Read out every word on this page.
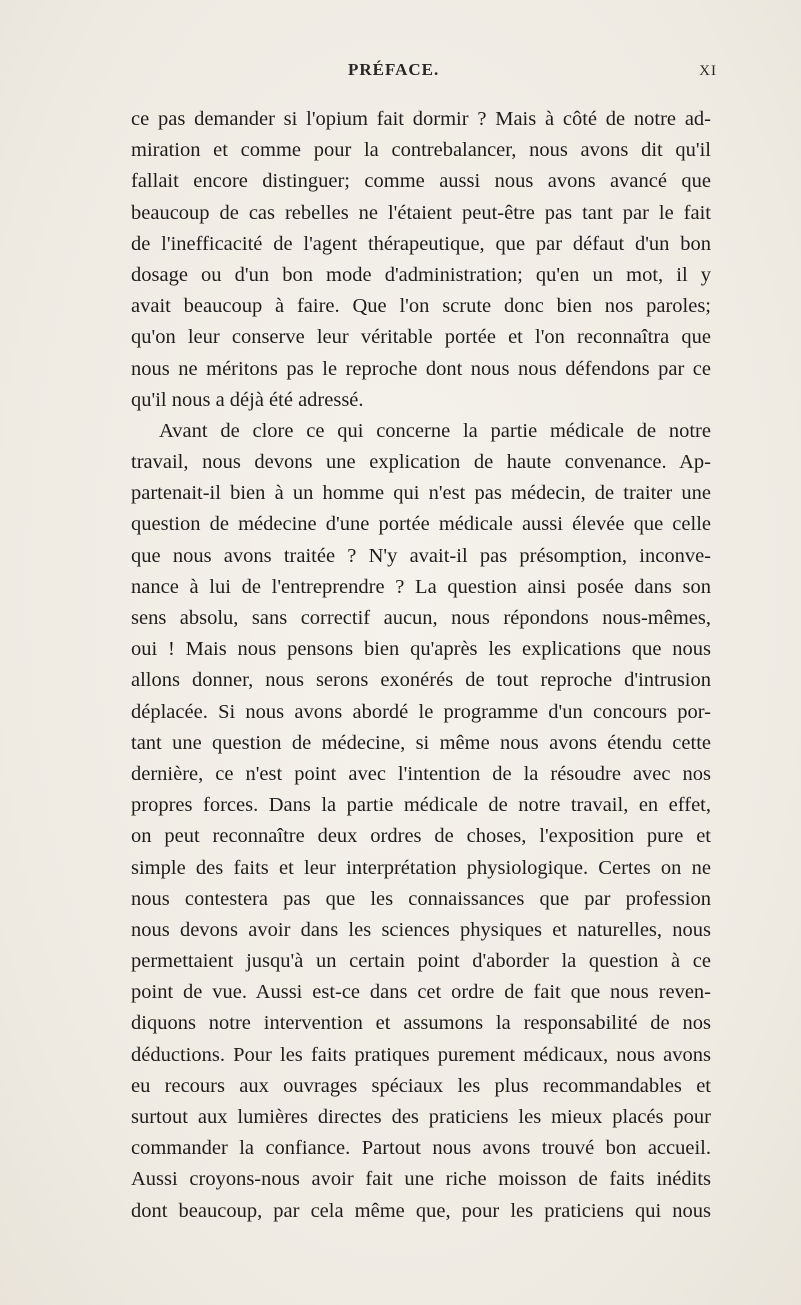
PRÉFACE.	XI
ce pas demander si l'opium fait dormir ? Mais à côté de notre ad-
miration et comme pour la contrebalancer, nous avons dit qu'il
fallait encore distinguer; comme aussi nous avons avancé que
beaucoup de cas rebelles ne l'étaient peut-être pas tant par le fait
de l'inefficacité de l'agent thérapeutique, que par défaut d'un bon
dosage ou d'un bon mode d'administration; qu'en un mot, il y
avait beaucoup à faire. Que l'on scrute donc bien nos paroles;
qu'on leur conserve leur véritable portée et l'on reconnaîtra que
nous ne méritons pas le reproche dont nous nous défendons par ce
qu'il nous a déjà été adressé.
Avant de clore ce qui concerne la partie médicale de notre
travail, nous devons une explication de haute convenance. Ap-
partenait-il bien à un homme qui n'est pas médecin, de traiter une
question de médecine d'une portée médicale aussi élevée que celle
que nous avons traitée ? N'y avait-il pas présomption, inconve-
nance à lui de l'entreprendre ? La question ainsi posée dans son
sens absolu, sans correctif aucun, nous répondons nous-mêmes,
oui ! Mais nous pensons bien qu'après les explications que nous
allons donner, nous serons exonérés de tout reproche d'intrusion
déplacée. Si nous avons abordé le programme d'un concours por-
tant une question de médecine, si même nous avons étendu cette
dernière, ce n'est point avec l'intention de la résoudre avec nos
propres forces. Dans la partie médicale de notre travail, en effet,
on peut reconnaître deux ordres de choses, l'exposition pure et
simple des faits et leur interprétation physiologique. Certes on ne
nous contestera pas que les connaissances que par profession
nous devons avoir dans les sciences physiques et naturelles, nous
permettaient jusqu'à un certain point d'aborder la question à ce
point de vue. Aussi est-ce dans cet ordre de fait que nous reven-
diquons notre intervention et assumons la responsabilité de nos
déductions. Pour les faits pratiques purement médicaux, nous avons
eu recours aux ouvrages spéciaux les plus recommandables et
surtout aux lumières directes des praticiens les mieux placés pour
commander la confiance. Partout nous avons trouvé bon accueil.
Aussi croyons-nous avoir fait une riche moisson de faits inédits
dont beaucoup, par cela même que, pour les praticiens qui nous
